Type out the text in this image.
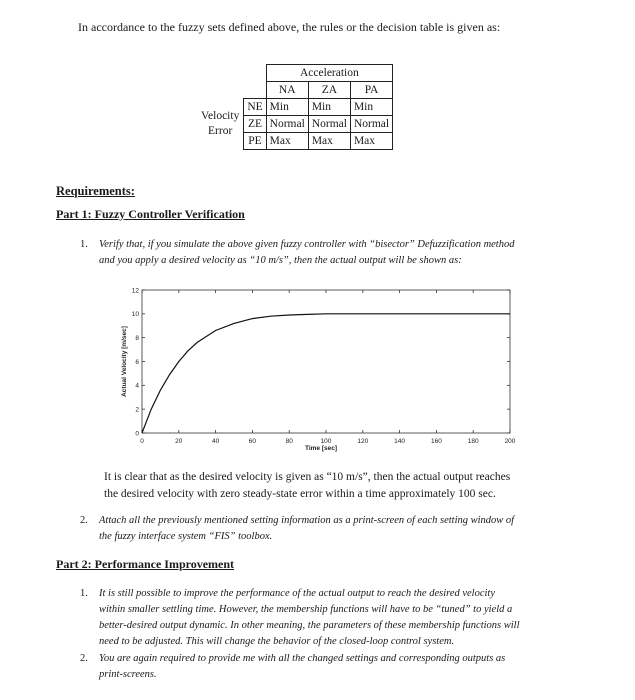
In accordance to the fuzzy sets defined above, the rules or the decision table is given as:
		Acceleration		
		NA	ZA	PA
Velocity
Error	NE	Min	Min	Min
	ZE	Normal	Normal	Normal
	PE	Max	Max	Max
Requirements:
Part 1: Fuzzy Controller Verification
1. Verify that, if you simulate the above given fuzzy controller with “bisector” Defuzzification method
and you apply a desired velocity as “10 m/s”, then the actual output will be shown as:
0	20	40	60	80	100	120	140	160	180	200
0
2
4
6
8
10
12
Time [sec]
Actual Velocity [m/sec]
It is clear that as the desired velocity is given as “10 m/s”, then the actual output reaches
the desired velocity with zero steady-state error within a time approximately 100 sec.
2. Attach all the previously mentioned setting information as a print-screen of each setting window of
the fuzzy interface system “FIS” toolbox.
Part 2: Performance Improvement
1. It is still possible to improve the performance of the actual output to reach the desired velocity
within smaller settling time. However, the membership functions will have to be “tuned” to yield a
better-desired output dynamic. In other meaning, the parameters of these membership functions will
need to be adjusted. This will change the behavior of the closed-loop control system.
2. You are again required to provide me with all the changed settings and corresponding outputs as
print-screens.
